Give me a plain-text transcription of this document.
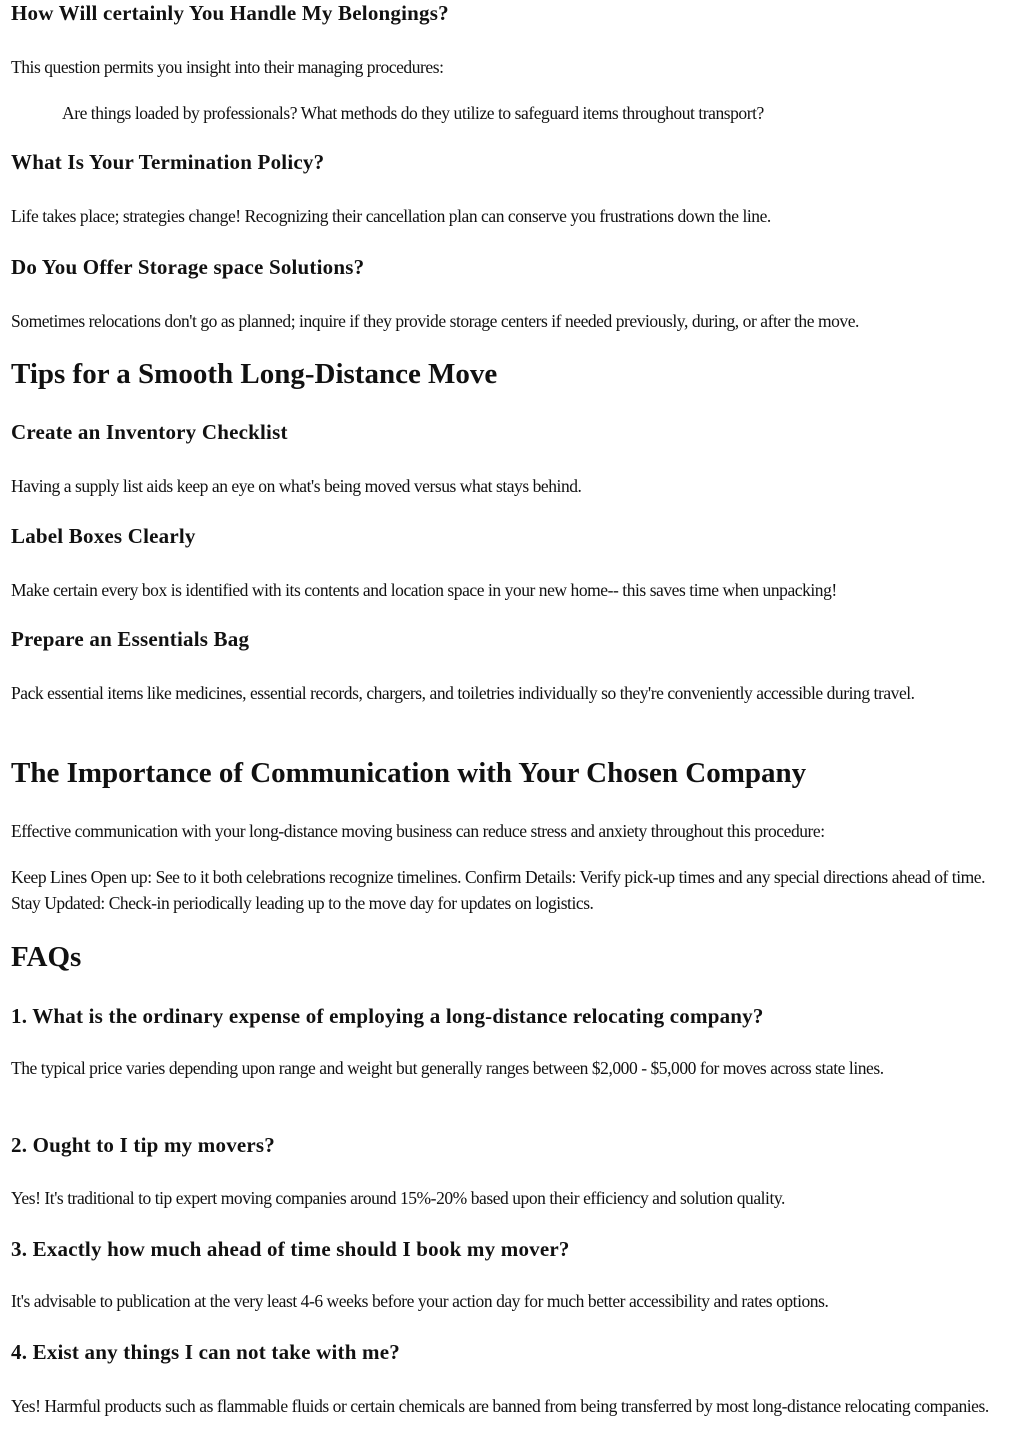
How Will certainly You Handle My Belongings?

This question permits you insight into their managing procedures:

Are things loaded by professionals? What methods do they utilize to safeguard items throughout transport?

What Is Your Termination Policy?

Life takes place; strategies change! Recognizing their cancellation plan can conserve you frustrations down the line.

Do You Offer Storage space Solutions?

Sometimes relocations don't go as planned; inquire if they provide storage centers if needed previously, during, or after the move.

Tips for a Smooth Long-Distance Move
Create an Inventory Checklist

Having a supply list aids keep an eye on what's being moved versus what stays behind.

Label Boxes Clearly

Make certain every box is identified with its contents and location space in your new home-- this saves time when unpacking!

Prepare an Essentials Bag

Pack essential items like medicines, essential records, chargers, and toiletries individually so they're conveniently accessible during travel.

The Importance of Communication with Your Chosen Company

Effective communication with your long-distance moving business can reduce stress and anxiety throughout this procedure:

Keep Lines Open up: See to it both celebrations recognize timelines. Confirm Details: Verify pick-up times and any special directions ahead of time. Stay Updated: Check-in periodically leading up to the move day for updates on logistics.

FAQs
1. What is the ordinary expense of employing a long-distance relocating company?

The typical price varies depending upon range and weight but generally ranges between $2,000 - $5,000 for moves across state lines.

2. Ought to I tip my movers?

Yes! It's traditional to tip expert moving companies around 15%-20% based upon their efficiency and solution quality.

3. Exactly how much ahead of time should I book my mover?

It's advisable to publication at the very least 4-6 weeks before your action day for much better accessibility and rates options.

4. Exist any things I can not take with me?

Yes! Harmful products such as flammable fluids or certain chemicals are banned from being transferred by most long-distance relocating companies.
